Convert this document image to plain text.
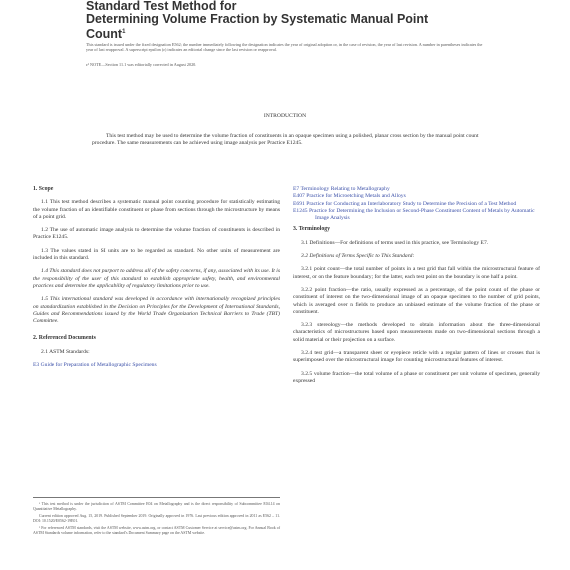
Standard Test Method for
Determining Volume Fraction by Systematic Manual Point
Count$^1$
This standard is issued under the fixed designation E562; the number immediately following the designation indicates the year of original adoption or, in the case of revision, the year of last revision. A number in parentheses indicates the year of last reapproval. A superscript epsilon (ε) indicates an editorial change since the last revision or reapproval.
ε¹ NOTE—Section 11.1 was editorially corrected in August 2020.
INTRODUCTION
This test method may be used to determine the volume fraction of constituents in an opaque specimen using a polished, planar cross section by the manual point count procedure. The same measurements can be achieved using image analysis per Practice E1245.
1. Scope
1.1 This test method describes a systematic manual point counting procedure for statistically estimating the volume fraction of an identifiable constituent or phase from sections through the microstructure by means of a point grid.
1.2 The use of automatic image analysis to determine the volume fraction of constituents is described in Practice E1245.
1.3 The values stated in SI units are to be regarded as standard. No other units of measurement are included in this standard.
1.4 This standard does not purport to address all of the safety concerns, if any, associated with its use. It is the responsibility of the user of this standard to establish appropriate safety, health, and environmental practices and determine the applicability of regulatory limitations prior to use.
1.5 This international standard was developed in accordance with internationally recognized principles on standardization established in the Decision on Principles for the Development of International Standards, Guides and Recommendations issued by the World Trade Organization Technical Barriers to Trade (TBT) Committee.
2. Referenced Documents
2.1 ASTM Standards:
E3 Guide for Preparation of Metallographic Specimens
¹ This test method is under the jurisdiction of ASTM Committee E04 on Metallography and is the direct responsibility of Subcommittee E04.14 on Quantitative Metallography.
Current edition approved Aug. 15, 2019. Published September 2019. Originally approved in 1976. Last previous edition approved in 2011 as E562 – 11. DOI: 10.1520/E0562-19E01.
² For referenced ASTM standards, visit the ASTM website, www.astm.org, or contact ASTM Customer Service at service@astm.org. For Annual Book of ASTM Standards volume information, refer to the standard's Document Summary page on the ASTM website.
E7 Terminology Relating to Metallography
E407 Practice for Microetching Metals and Alloys
E691 Practice for Conducting an Interlaboratory Study to Determine the Precision of a Test Method
E1245 Practice for Determining the Inclusion or Second-Phase Constituent Content of Metals by Automatic Image Analysis
3. Terminology
3.1 Definitions—For definitions of terms used in this practice, see Terminology E7.
3.2 Definitions of Terms Specific to This Standard:
3.2.1 point count—the total number of points in a test grid that fall within the microstructural feature of interest, or on the feature boundary; for the latter, each test point on the boundary is one half a point.
3.2.2 point fraction—the ratio, usually expressed as a percentage, of the point count of the phase or constituent of interest on the two-dimensional image of an opaque specimen to the number of grid points, which is averaged over n fields to produce an unbiased estimate of the volume fraction of the phase or constituent.
3.2.3 stereology—the methods developed to obtain information about the three-dimensional characteristics of microstructures based upon measurements made on two-dimensional sections through a solid material or their projection on a surface.
3.2.4 test grid—a transparent sheet or eyepiece reticle with a regular pattern of lines or crosses that is superimposed over the microstructural image for counting microstructural features of interest.
3.2.5 volume fraction—the total volume of a phase or constituent per unit volume of specimen, generally expressed
